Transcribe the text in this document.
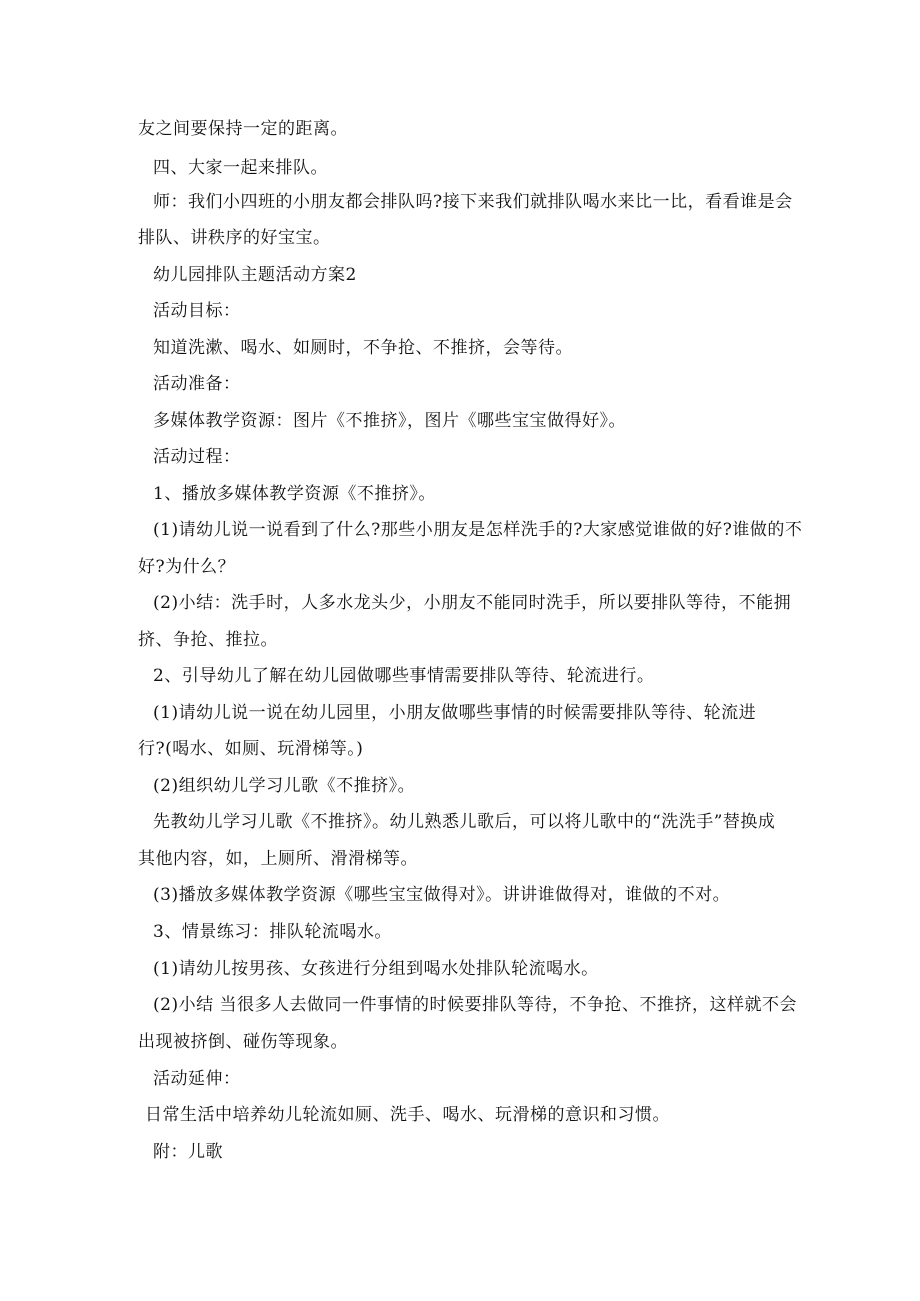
友之间要保持一定的距离。
四、大家一起来排队。
师：我们小四班的小朋友都会排队吗?接下来我们就排队喝水来比一比，看看谁是会
排队、讲秩序的好宝宝。
幼儿园排队主题活动方案2
活动目标：
知道洗漱、喝水、如厕时，不争抢、不推挤，会等待。
活动准备：
多媒体教学资源：图片《不推挤》，图片《哪些宝宝做得好》。
活动过程：
1、播放多媒体教学资源《不推挤》。
(1)请幼儿说一说看到了什么?那些小朋友是怎样洗手的?大家感觉谁做的好?谁做的不
好?为什么？
(2)小结：洗手时，人多水龙头少，小朋友不能同时洗手，所以要排队等待，不能拥
挤、争抢、推拉。
2、引导幼儿了解在幼儿园做哪些事情需要排队等待、轮流进行。
(1)请幼儿说一说在幼儿园里，小朋友做哪些事情的时候需要排队等待、轮流进
行?(喝水、如厕、玩滑梯等。)
(2)组织幼儿学习儿歌《不推挤》。
先教幼儿学习儿歌《不推挤》。幼儿熟悉儿歌后，可以将儿歌中的“洗洗手”替换成
其他内容，如，上厕所、滑滑梯等。
(3)播放多媒体教学资源《哪些宝宝做得对》。讲讲谁做得对，谁做的不对。
3、情景练习：排队轮流喝水。
(1)请幼儿按男孩、女孩进行分组到喝水处排队轮流喝水。
(2)小结 当很多人去做同一件事情的时候要排队等待，不争抢、不推挤，这样就不会
出现被挤倒、碰伤等现象。
活动延伸：
日常生活中培养幼儿轮流如厕、洗手、喝水、玩滑梯的意识和习惯。
附：儿歌
